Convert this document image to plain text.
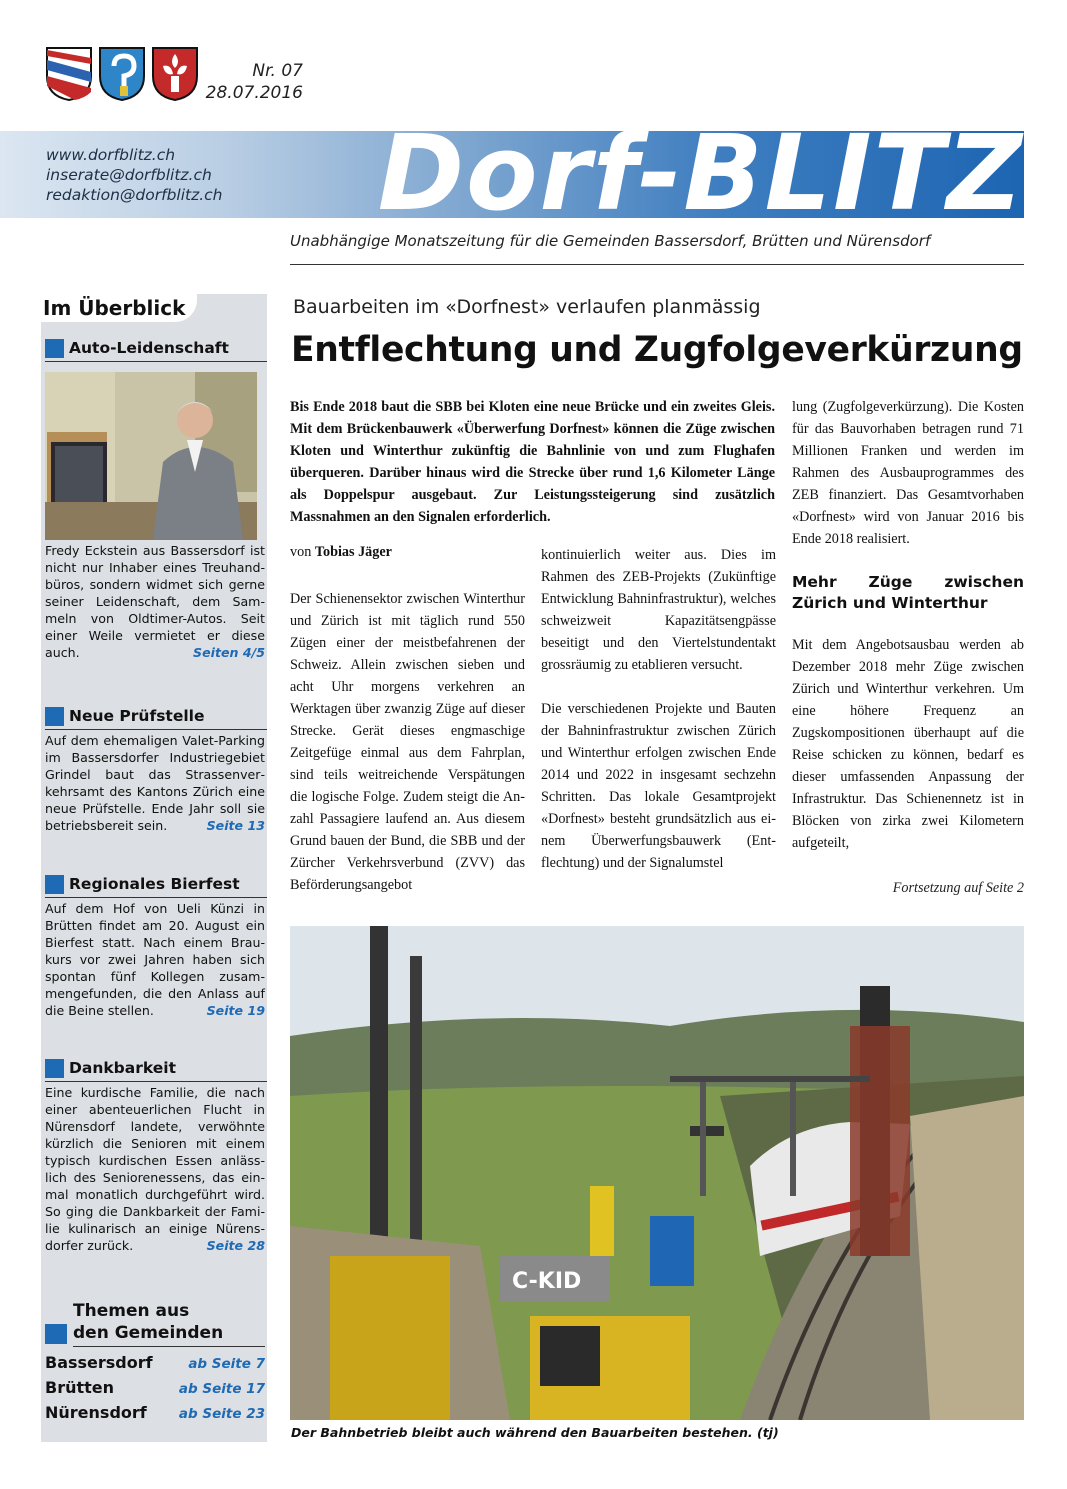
Nr. 07
28.07.2016
www.dorfblitz.ch
inserate@dorfblitz.ch
redaktion@dorfblitz.ch Dorf-BLITZ
Unabhängige Monatszeitung für die Gemeinden Bassersdorf, Brütten und Nürensdorf
Im Überblick
Auto-Leidenschaft
Fredy Eckstein aus Bassersdorf ist nicht nur Inhaber eines Treuhandbüros, sondern widmet sich gerne seiner Leidenschaft, dem Sammeln von Oldtimer-Autos. Seit einer Weile vermietet er diese auch.	Seiten 4/5
Neue Prüfstelle
Auf dem ehemaligen Valet-Parking im Bassersdorfer Industriegebiet Grindel baut das Strassenverkehrsamt des Kantons Zürich eine neue Prüfstelle. Ende Jahr soll sie betriebsbereit sein.	Seite 13
Regionales Bierfest
Auf dem Hof von Ueli Künzi in Brütten findet am 20. August ein Bierfest statt. Nach einem Braukurs vor zwei Jahren haben sich spontan fünf Kollegen zusammengefunden, die den Anlass auf die Beine stellen.	Seite 19
Dankbarkeit
Eine kurdische Familie, die nach einer abenteuerlichen Flucht in Nürensdorf landete, verwöhnte kürzlich die Senioren mit einem typisch kurdischen Essen anlässlich des Seniorenessens, das einmal monatlich durchgeführt wird. So ging die Dankbarkeit der Familie kulinarisch an einige Nürensdorfer zurück.	Seite 28
Themen aus
den Gemeinden
Bassersdorf	ab Seite 7
Brütten	ab Seite 17
Nürensdorf ab Seite 23
Bauarbeiten im «Dorfnest» verlaufen planmässig
Entflechtung und Zugfolgeverkürzung
Bis Ende 2018 baut die SBB bei Kloten eine neue Brücke und ein zweites Gleis. Mit dem Brückenbauwerk «Überwerfung Dorfnest» können die Züge zwischen Kloten und Winterthur zukünftig die Bahnlinie von und zum Flughafen überqueren. Darüber hinaus wird die Strecke über rund 1,6 Kilometer Länge als Doppelspur ausgebaut. Zur Leistungssteigerung sind zusätzlich Massnahmen an den Signalen erforderlich.
von Tobias Jäger

Der Schienensektor zwischen Winterthur und Zürich ist mit täglich rund 550 Zügen einer der meistbefahrenen der Schweiz. Allein zwischen sieben und acht Uhr morgens verkehren an Werktagen über zwanzig Züge auf dieser Strecke. Gerät dieses engmaschige Zeitgefüge einmal aus dem Fahrplan, sind teils weitreichende Verspätungen die logische Folge. Zudem steigt die Anzahl Passagiere laufend an. Aus diesem Grund bauen der Bund, die SBB und der Zürcher Verkehrsverbund (ZVV) das Beförderungsangebot

kontinuierlich weiter aus. Dies im Rahmen des ZEB-Projekts (Zukünftige Entwicklung Bahninfrastruktur), welches schweizweit Kapazitätsengpässe beseitigt und den Viertelstundentakt grossräumig zu etablieren versucht.

Die verschiedenen Projekte und Bauten der Bahninfrastruktur zwischen Zürich und Winterthur erfolgen zwischen Ende 2014 und 2022 in insgesamt sechzehn Schritten. Das lokale Gesamtprojekt «Dorfnest» besteht grundsätzlich aus einem Überwerfungsbauwerk (Entflechtung) und der Signalumstel

lung (Zugfolgeverkürzung). Die Kosten für das Bauvorhaben betragen rund 71 Millionen Franken und werden im Rahmen des Ausbauprogrammes des ZEB finanziert. Das Gesamtvorhaben «Dorfnest» wird von Januar 2016 bis Ende 2018 realisiert.

Mehr Züge zwischen Zürich und Winterthur

Mit dem Angebotsausbau werden ab Dezember 2018 mehr Züge zwischen Zürich und Winterthur verkehren. Um eine höhere Frequenz an Zugskompositionen überhaupt auf die Reise schicken zu können, bedarf es dieser umfassenden Anpassung der Infrastruktur. Das Schienennetz ist in Blöcken von zirka zwei Kilometern aufgeteilt,

Fortsetzung auf Seite 2
C-KID
Der Bahnbetrieb bleibt auch während den Bauarbeiten bestehen. (tj)
